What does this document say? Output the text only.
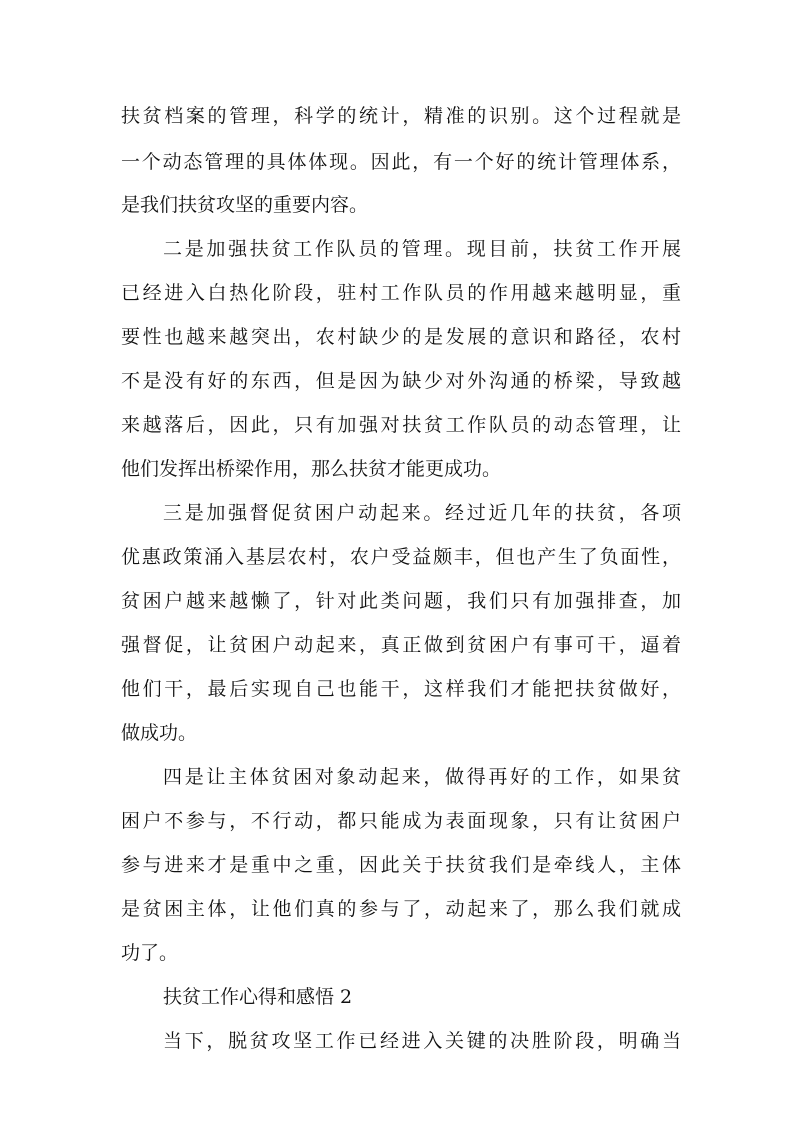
扶贫档案的管理，科学的统计，精准的识别。这个过程就是
一个动态管理的具体体现。因此，有一个好的统计管理体系，
是我们扶贫攻坚的重要内容。
二是加强扶贫工作队员的管理。现目前，扶贫工作开展
已经进入白热化阶段，驻村工作队员的作用越来越明显，重
要性也越来越突出，农村缺少的是发展的意识和路径，农村
不是没有好的东西，但是因为缺少对外沟通的桥梁，导致越
来越落后，因此，只有加强对扶贫工作队员的动态管理，让
他们发挥出桥梁作用，那么扶贫才能更成功。
三是加强督促贫困户动起来。经过近几年的扶贫，各项
优惠政策涌入基层农村，农户受益颇丰，但也产生了负面性，
贫困户越来越懒了，针对此类问题，我们只有加强排查，加
强督促，让贫困户动起来，真正做到贫困户有事可干，逼着
他们干，最后实现自己也能干，这样我们才能把扶贫做好，
做成功。
四是让主体贫困对象动起来，做得再好的工作，如果贫
困户不参与，不行动，都只能成为表面现象，只有让贫困户
参与进来才是重中之重，因此关于扶贫我们是牵线人，主体
是贫困主体，让他们真的参与了，动起来了，那么我们就成
功了。
扶贫工作心得和感悟 2
当下，脱贫攻坚工作已经进入关键的决胜阶段，明确当
